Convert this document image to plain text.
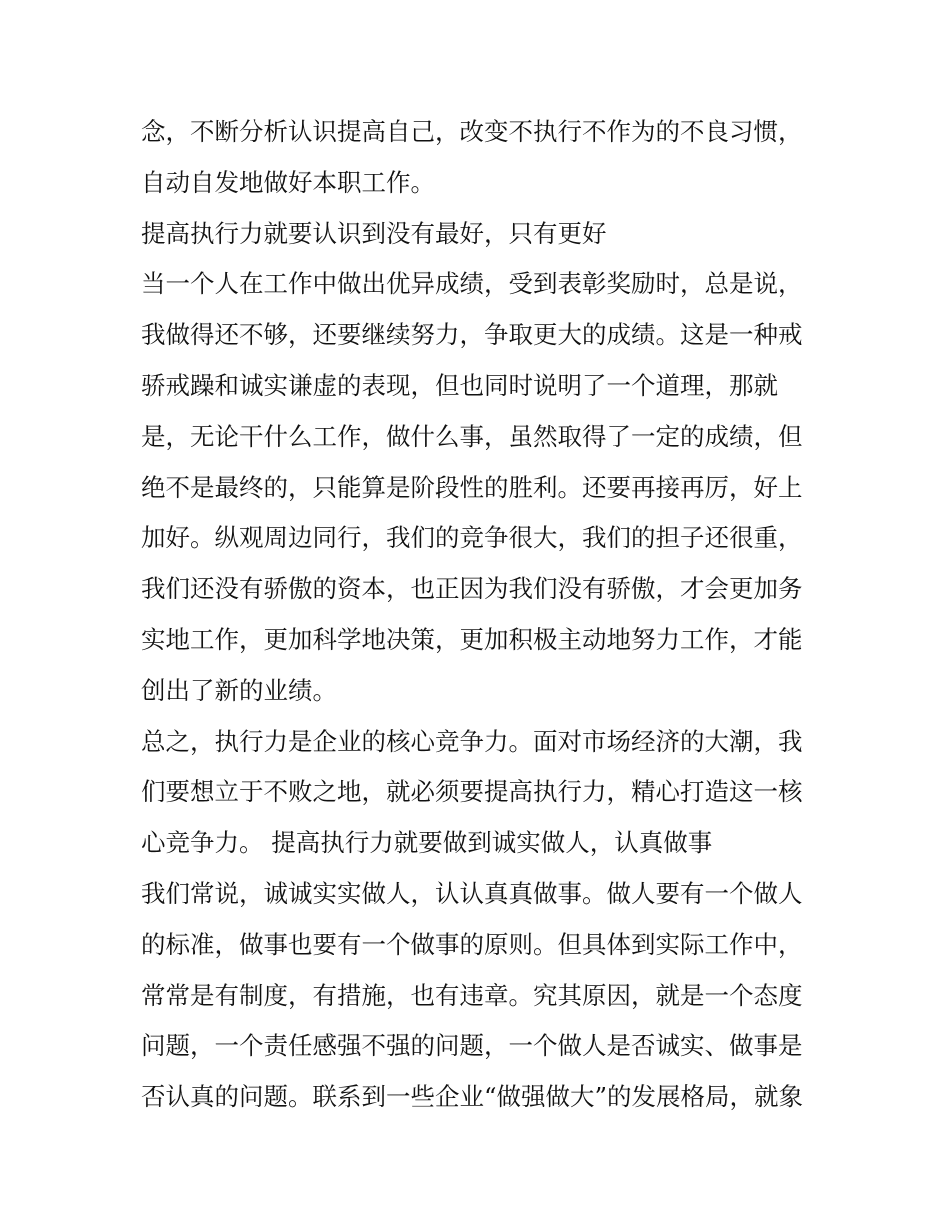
念，不断分析认识提高自己，改变不执行不作为的不良习惯，
自动自发地做好本职工作。
提高执行力就要认识到没有最好，只有更好
当一个人在工作中做出优异成绩，受到表彰奖励时，总是说，
我做得还不够，还要继续努力，争取更大的成绩。这是一种戒
骄戒躁和诚实谦虚的表现，但也同时说明了一个道理，那就
是，无论干什么工作，做什么事，虽然取得了一定的成绩，但
绝不是最终的，只能算是阶段性的胜利。还要再接再厉，好上
加好。纵观周边同行，我们的竞争很大，我们的担子还很重，
我们还没有骄傲的资本，也正因为我们没有骄傲，才会更加务
实地工作，更加科学地决策，更加积极主动地努力工作，才能
创出了新的业绩。
总之，执行力是企业的核心竞争力。面对市场经济的大潮，我
们要想立于不败之地，就必须要提高执行力，精心打造这一核
心竞争力。 提高执行力就要做到诚实做人，认真做事
我们常说，诚诚实实做人，认认真真做事。做人要有一个做人
的标准，做事也要有一个做事的原则。但具体到实际工作中，
常常是有制度，有措施，也有违章。究其原因，就是一个态度
问题，一个责任感强不强的问题，一个做人是否诚实、做事是
否认真的问题。联系到一些企业“做强做大”的发展格局，就象
